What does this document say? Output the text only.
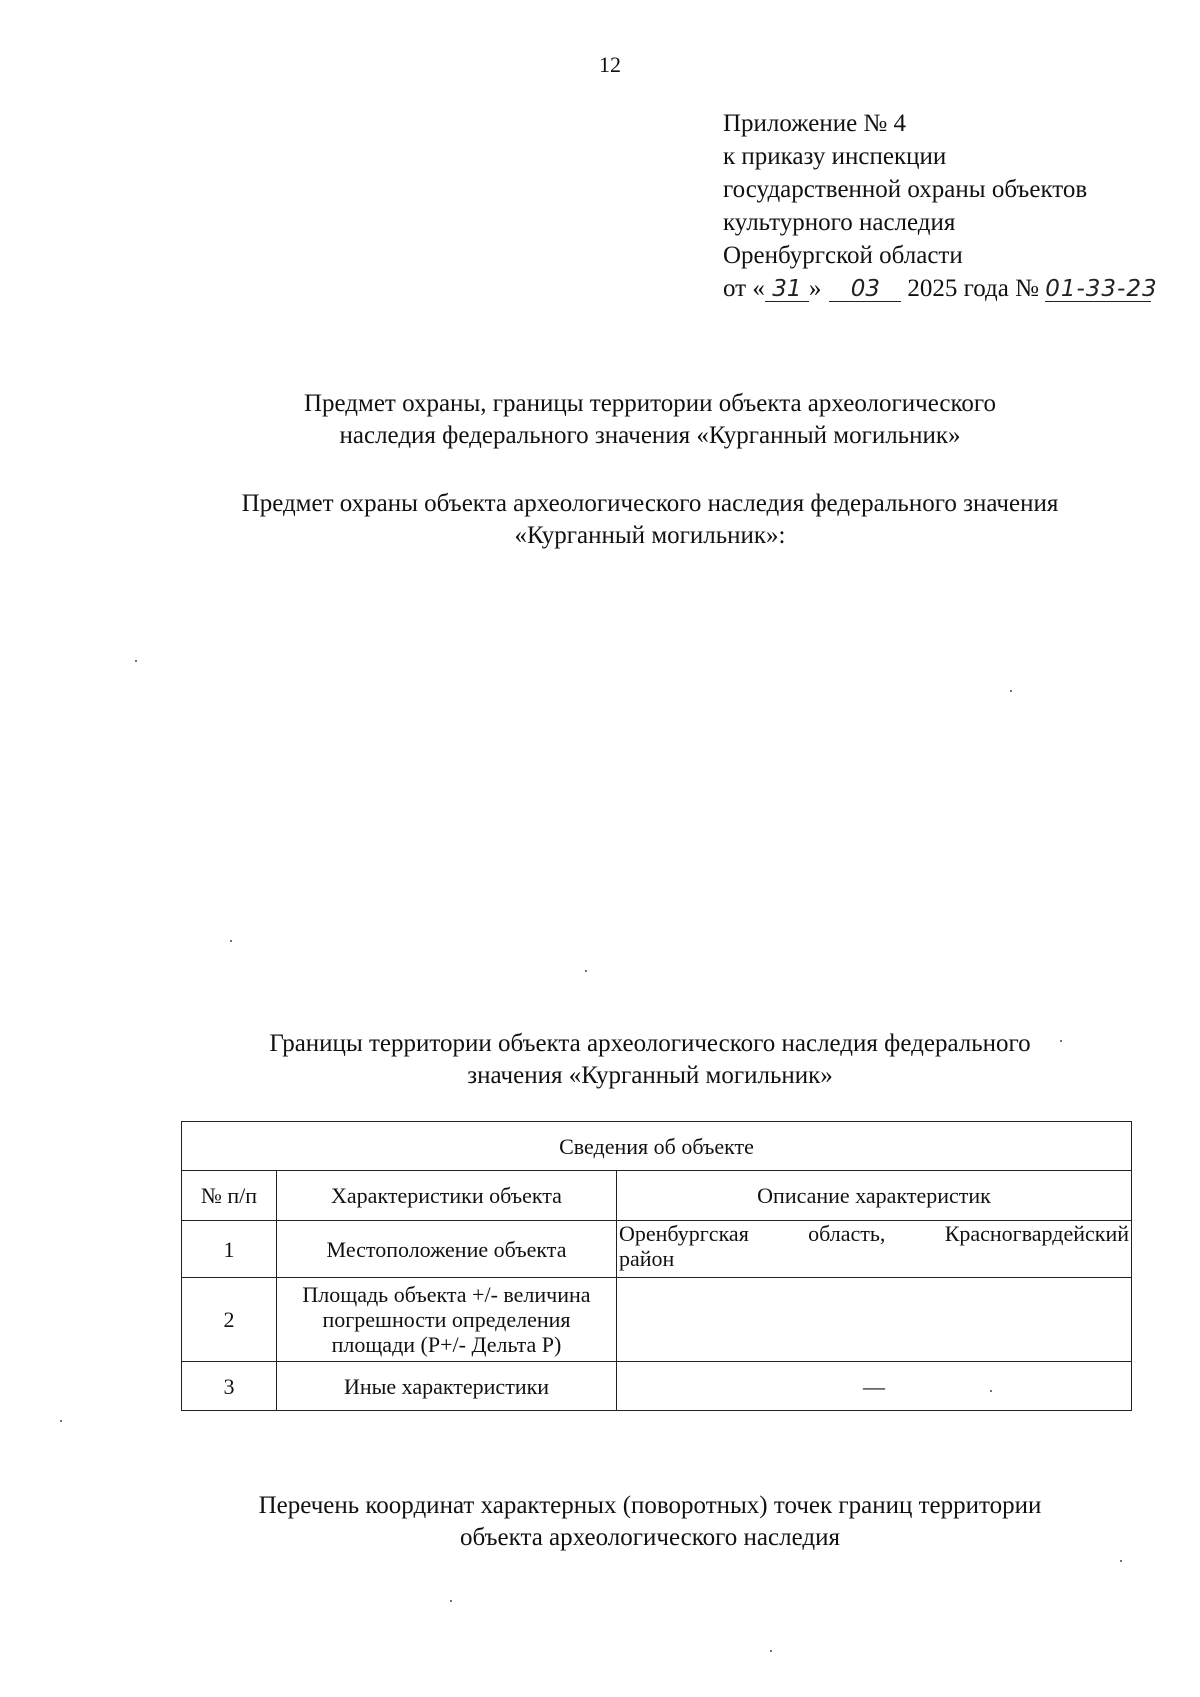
12
Приложение № 4
к приказу инспекции
государственной охраны объектов
культурного наследия
Оренбургской области
от « 31 » 03 2025 года № 01-33-23
Предмет охраны, границы территории объекта археологического
наследия федерального значения «Курганный могильник»
Предмет охраны объекта археологического наследия федерального значения
«Курганный могильник»:
Границы территории объекта археологического наследия федерального
значения «Курганный могильник»
Сведения об объекте		
№ п/п	Характеристики объекта	Описание характеристик
1	Местоположение объекта	Оренбургская область, Красногвардейский
район

2	Площадь объекта +/- величина
погрешности определения
площади (P+/- Дельта P)	

3	Иные характеристики	—
Перечень координат характерных (поворотных) точек границ территории
объекта археологического наследия
